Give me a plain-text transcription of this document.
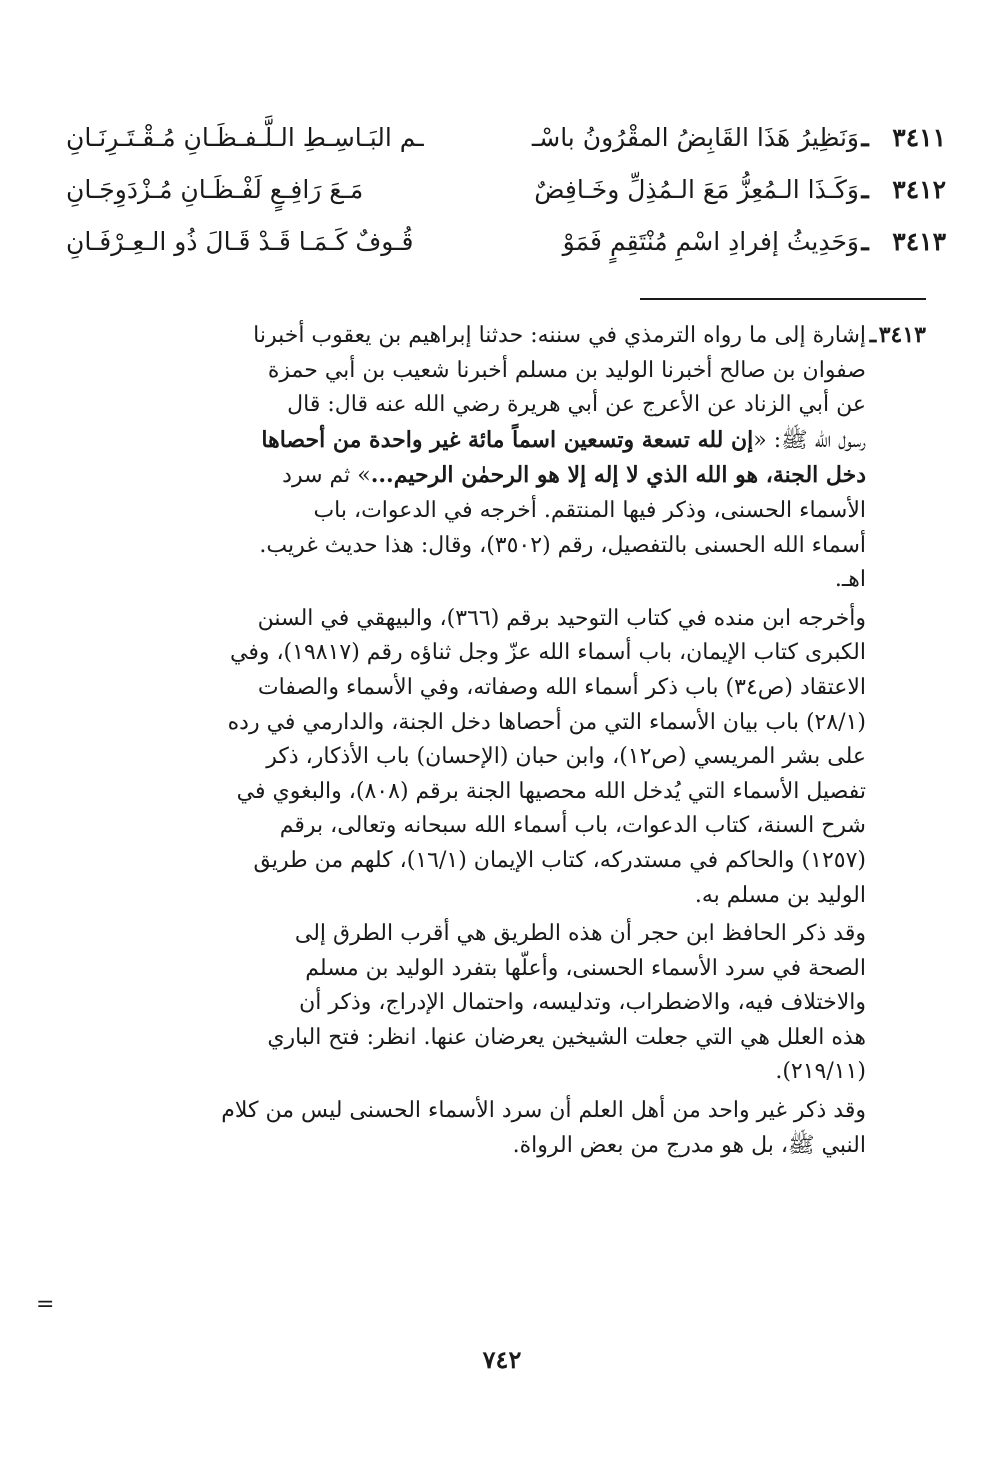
٣٤١١
ـ
وَنَظِيرُ هَذَا القَابِضُ المقْرُونُ باسْـ
ـم البَـاسِـطِ الـلَّـفـظَـانِ مُـقْـتَـرِنَـانِ
٣٤١٢
ـ
وَكَـذَا الـمُعِزُّ مَعَ الـمُذِلِّ وخَـافِضٌ
مَـعَ رَافِـعٍ لَفْـظَـانِ مُـزْدَوِجَـانِ
٣٤١٣
ـ
وَحَدِيثُ إفرادِ اسْمِ مُنْتَقِمٍ فَمَوْ
قُـوفٌ كَـمَـا قَـدْ قَـالَ ذُو الـعِـرْفَـانِ
٣٤١٣
ـ
إشارة إلى ما رواه الترمذي في سننه: حدثنا إبراهيم بن يعقوب أخبرنا
صفوان بن صالح أخبرنا الوليد بن مسلم أخبرنا شعيب بن أبي حمزة
عن أبي الزناد عن الأعرج عن أبي هريرة رضي الله عنه قال: قال
رسول الله ﷺ: «إن لله تسعة وتسعين اسماً مائة غير واحدة من أحصاها
دخل الجنة، هو الله الذي لا إله إلا هو الرحمٰن الرحيم...» ثم سرد
الأسماء الحسنى، وذكر فيها المنتقم. أخرجه في الدعوات، باب
أسماء الله الحسنى بالتفصيل، رقم (٣٥٠٢)، وقال: هذا حديث غريب.
اهـ.
وأخرجه ابن منده في كتاب التوحيد برقم (٣٦٦)، والبيهقي في السنن
الكبرى كتاب الإيمان، باب أسماء الله عزّ وجل ثناؤه رقم (١٩٨١٧)، وفي
الاعتقاد (ص٣٤) باب ذكر أسماء الله وصفاته، وفي الأسماء والصفات
(٢٨/١) باب بيان الأسماء التي من أحصاها دخل الجنة، والدارمي في رده
على بشر المريسي (ص١٢)، وابن حبان (الإحسان) باب الأذكار، ذكر
تفصيل الأسماء التي يُدخل الله محصيها الجنة برقم (٨٠٨)، والبغوي في
شرح السنة، كتاب الدعوات، باب أسماء الله سبحانه وتعالى، برقم
(١٢٥٧) والحاكم في مستدركه، كتاب الإيمان (١٦/١)، كلهم من طريق
الوليد بن مسلم به.
وقد ذكر الحافظ ابن حجر أن هذه الطريق هي أقرب الطرق إلى
الصحة في سرد الأسماء الحسنى، وأعلّها بتفرد الوليد بن مسلم
والاختلاف فيه، والاضطراب، وتدليسه، واحتمال الإدراج، وذكر أن
هذه العلل هي التي جعلت الشيخين يعرضان عنها. انظر: فتح الباري
(٢١٩/١١).
وقد ذكر غير واحد من أهل العلم أن سرد الأسماء الحسنى ليس من كلام
النبي ﷺ، بل هو مدرج من بعض الرواة.
=
٧٤٢
